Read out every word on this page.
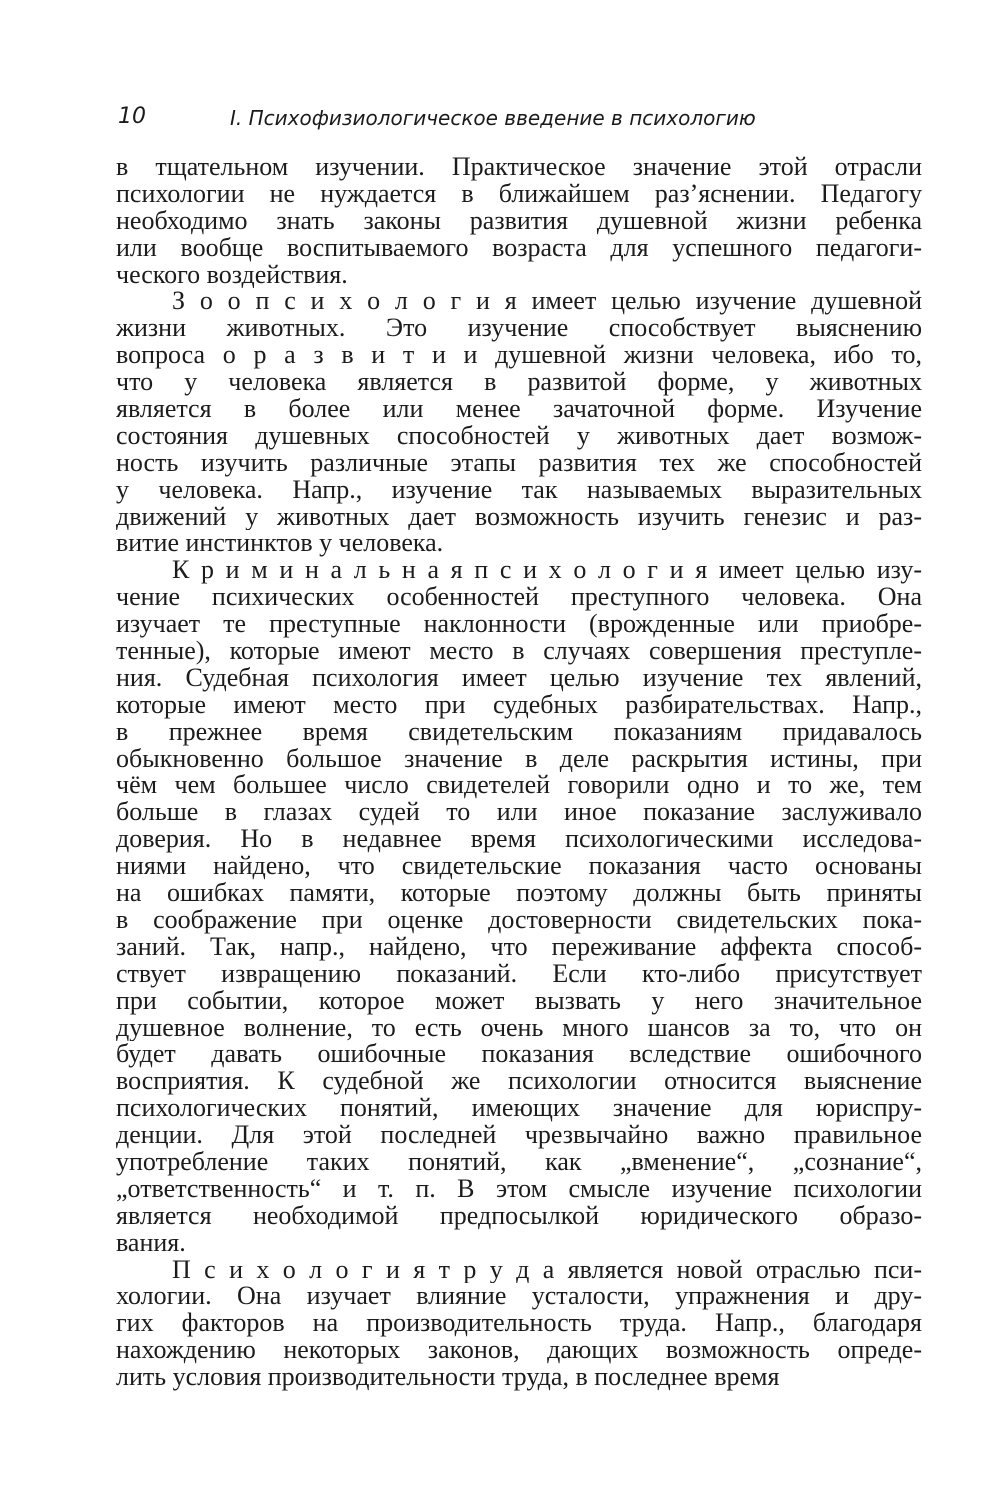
10	I. Психофизиологическое введение в психологию
в тщательном изучении. Практическое значение этой отрасли
психологии не нуждается в ближайшем раз’яснении. Педагогу
необходимо знать законы развития душевной жизни ребенка
или вообще воспитываемого возраста для успешного педагоги-
ческого воздействия.
З о о п с и х о л о г и я имеет целью изучение душевной
жизни животных. Это изучение способствует выяснению
вопроса о р а з в и т и и душевной жизни человека, ибо то,
что у человека является в развитой форме, у животных
является в более или менее зачаточной форме. Изучение
состояния душевных способностей у животных дает возмож-
ность изучить различные этапы развития тех же способностей
у человека. Напр., изучение так называемых выразительных
движений у животных дает возможность изучить генезис и раз-
витие инстинктов у человека.
К р и м и н а л ь н а я п с и х о л о г и я имеет целью изу-
чение психических особенностей преступного человека. Она
изучает те преступные наклонности (врожденные или приобре-
тенные), которые имеют место в случаях совершения преступле-
ния. Судебная психология имеет целью изучение тех явлений,
которые имеют место при судебных разбирательствах. Напр.,
в прежнее время свидетельским показаниям придавалось
обыкновенно большое значение в деле раскрытия истины, при
чём чем большее число свидетелей говорили одно и то же, тем
больше в глазах судей то или иное показание заслуживало
доверия. Но в недавнее время психологическими исследова-
ниями найдено, что свидетельские показания часто основаны
на ошибках памяти, которые поэтому должны быть приняты
в соображение при оценке достоверности свидетельских пока-
заний. Так, напр., найдено, что переживание аффекта способ-
ствует извращению показаний. Если кто-либо присутствует
при событии, которое может вызвать у него значительное
душевное волнение, то есть очень много шансов за то, что он
будет давать ошибочные показания вследствие ошибочного
восприятия. К судебной же психологии относится выяснение
психологических понятий, имеющих значение для юриспру-
денции. Для этой последней чрезвычайно важно правильное
употребление таких понятий, как „вменение“, „сознание“,
„ответственность“ и т. п. В этом смысле изучение психологии
является необходимой предпосылкой юридического образо-
вания.
П с и х о л о г и я т р у д а является новой отраслью пси-
хологии. Она изучает влияние усталости, упражнения и дру-
гих факторов на производительность труда. Напр., благодаря
нахождению некоторых законов, дающих возможность опреде-
лить условия производительности труда, в последнее время
